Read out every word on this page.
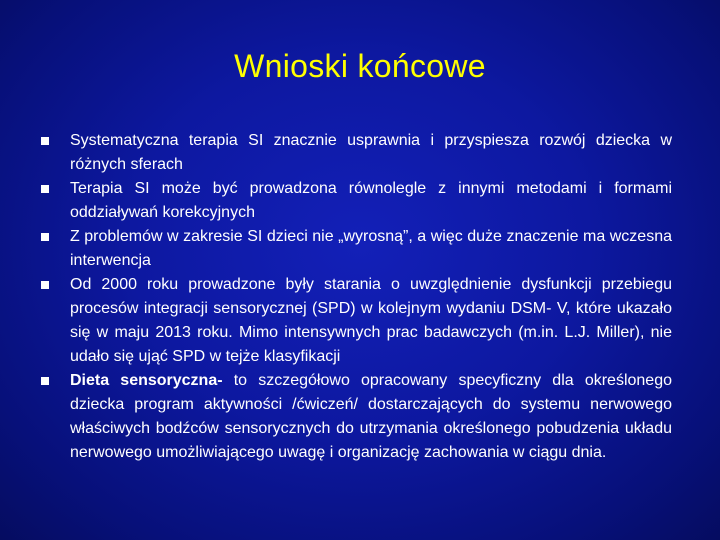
Wnioski końcowe
Systematyczna terapia SI znacznie usprawnia i przyspiesza rozwój dziecka w różnych sferach
Terapia SI może być prowadzona równolegle z innymi metodami i formami oddziaływań korekcyjnych
Z problemów w zakresie SI dzieci nie „wyrosną”, a więc duże znaczenie ma wczesna interwencja
Od 2000 roku prowadzone były starania o uwzględnienie dysfunkcji przebiegu procesów integracji sensorycznej (SPD) w kolejnym wydaniu DSM- V, które ukazało się w maju 2013 roku. Mimo intensywnych prac badawczych (m.in. L.J. Miller), nie udało się ująć SPD w tejże klasyfikacji
Dieta sensoryczna- to szczegółowo opracowany specyficzny dla określonego dziecka program aktywności /ćwiczeń/ dostarczających do systemu nerwowego właściwych bodźców sensorycznych do utrzymania określonego pobudzenia układu nerwowego umożliwiającego uwagę i organizację zachowania w ciągu dnia.
